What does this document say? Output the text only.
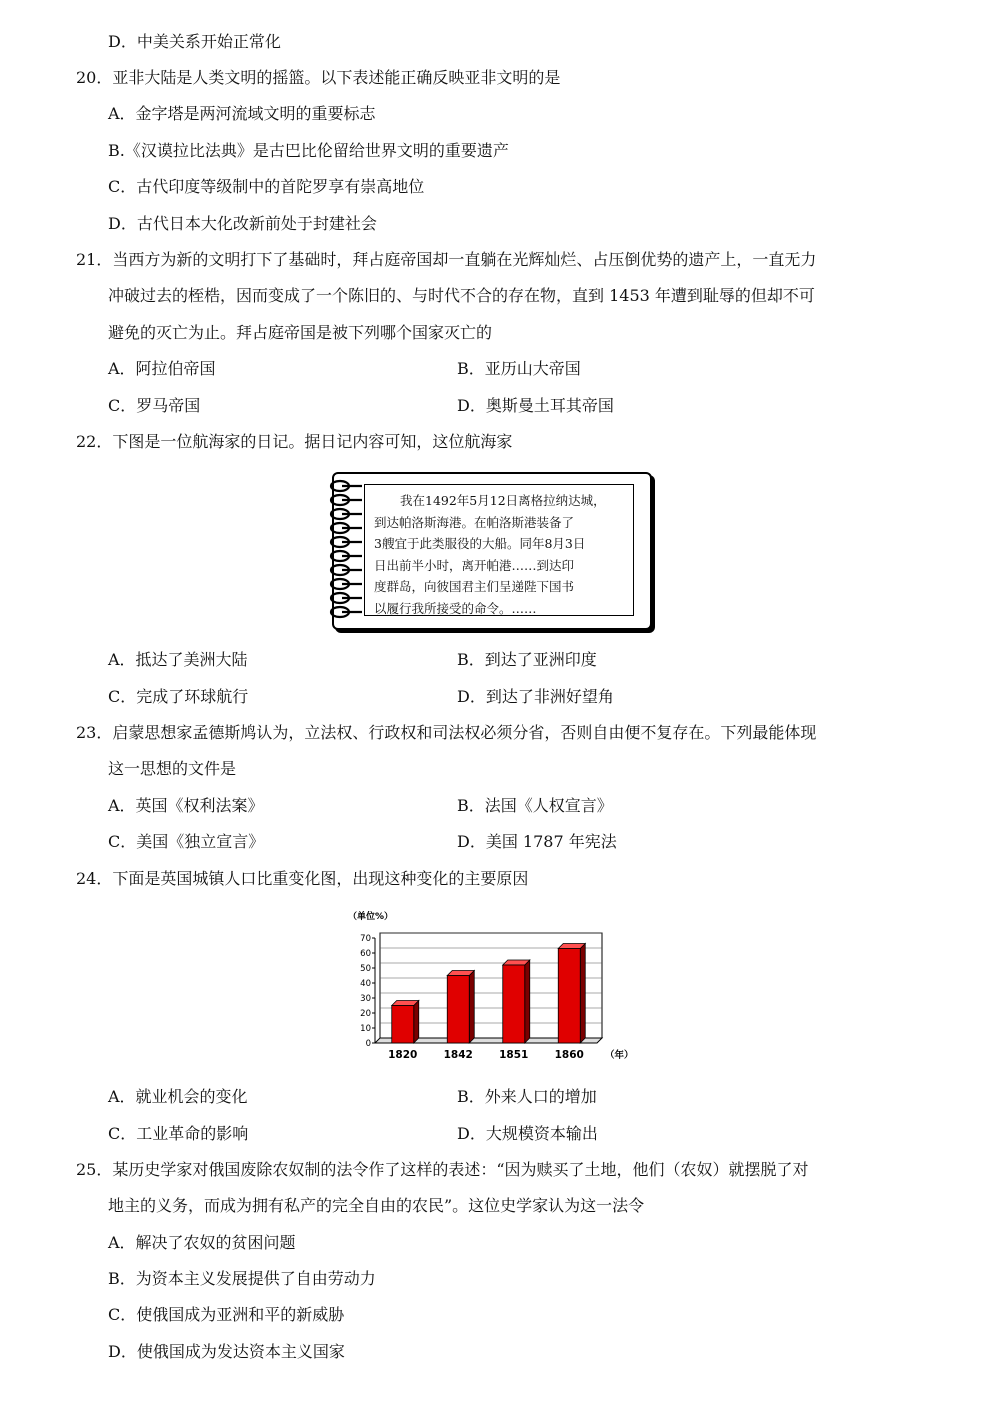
D．中美关系开始正常化
20．亚非大陆是人类文明的摇篮。以下表述能正确反映亚非文明的是
A．金字塔是两河流域文明的重要标志
B.《汉谟拉比法典》是古巴比伦留给世界文明的重要遗产
C．古代印度等级制中的首陀罗享有崇高地位
D．古代日本大化改新前处于封建社会
21．当西方为新的文明打下了基础时，拜占庭帝国却一直躺在光辉灿烂、占压倒优势的遗产上，一直无力
冲破过去的桎梏，因而变成了一个陈旧的、与时代不合的存在物，直到 1453 年遭到耻辱的但却不可
避免的灭亡为止。拜占庭帝国是被下列哪个国家灭亡的
A．阿拉伯帝国	B．亚历山大帝国
C．罗马帝国	D．奥斯曼土耳其帝国
22．下图是一位航海家的日记。据日记内容可知，这位航海家
我在1492年5月12日离格拉纳达城，
到达帕洛斯海港。在帕洛斯港装备了
3艘宜于此类服役的大船。同年8月3日
日出前半小时，离开帕港……到达印
度群岛，向彼国君主们呈递陛下国书
以履行我所接受的命令。……
A．抵达了美洲大陆	B．到达了亚洲印度
C．完成了环球航行	D．到达了非洲好望角
23．启蒙思想家孟德斯鸠认为，立法权、行政权和司法权必须分省，否则自由便不复存在。下列最能体现
这一思想的文件是
A．英国《权利法案》	B．法国《人权宣言》
C．美国《独立宣言》	D．美国 1787 年宪法
24．下面是英国城镇人口比重变化图，出现这种变化的主要原因
（单位%）
0
10
20
30
40
50
60
70
1820	1842	1851	1860 （年）
A．就业机会的变化	B．外来人口的增加
C．工业革命的影响	D．大规模资本输出
25．某历史学家对俄国废除农奴制的法令作了这样的表述：“因为赎买了土地，他们（农奴）就摆脱了对
地主的义务，而成为拥有私产的完全自由的农民”。这位史学家认为这一法令
A．解决了农奴的贫困问题
B．为资本主义发展提供了自由劳动力
C．使俄国成为亚洲和平的新威胁
D．使俄国成为发达资本主义国家
